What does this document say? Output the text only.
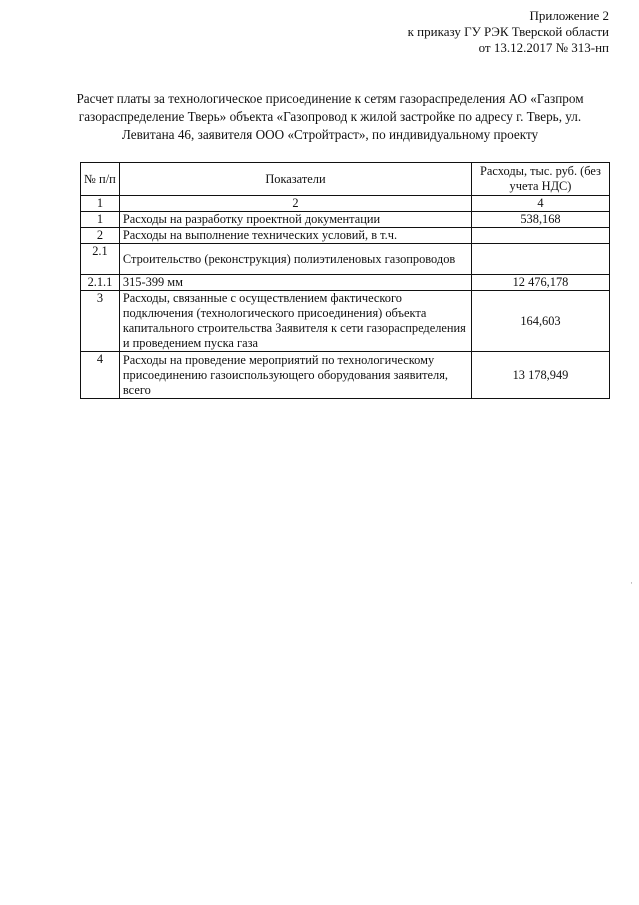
Приложение 2
к приказу ГУ РЭК Тверской области
от 13.12.2017 № 313-нп
Расчет платы за технологическое присоединение к сетям газораспределения АО «Газпром
газораспределение Тверь» объекта «Газопровод к жилой застройке по адресу г. Тверь, ул.
Левитана 46, заявителя ООО «Стройтраст», по индивидуальному проекту
№ п/п	Показатели	Расходы, тыс. руб. (без учета НДС)
1	2	4
1	Расходы на разработку проектной документации	538,168
2	Расходы на выполнение технических условий, в т.ч.	
2.1	Строительство (реконструкция) полиэтиленовых газопроводов	
2.1.1	315-399 мм	12 476,178
3	Расходы, связанные с осуществлением фактического подключения (технологического присоединения) объекта капитального строительства Заявителя к сети газораспределения и проведением пуска газа	164,603
4	Расходы на проведение мероприятий по технологическому присоединению газоиспользующего оборудования заявителя, всего	13 178,949
·
